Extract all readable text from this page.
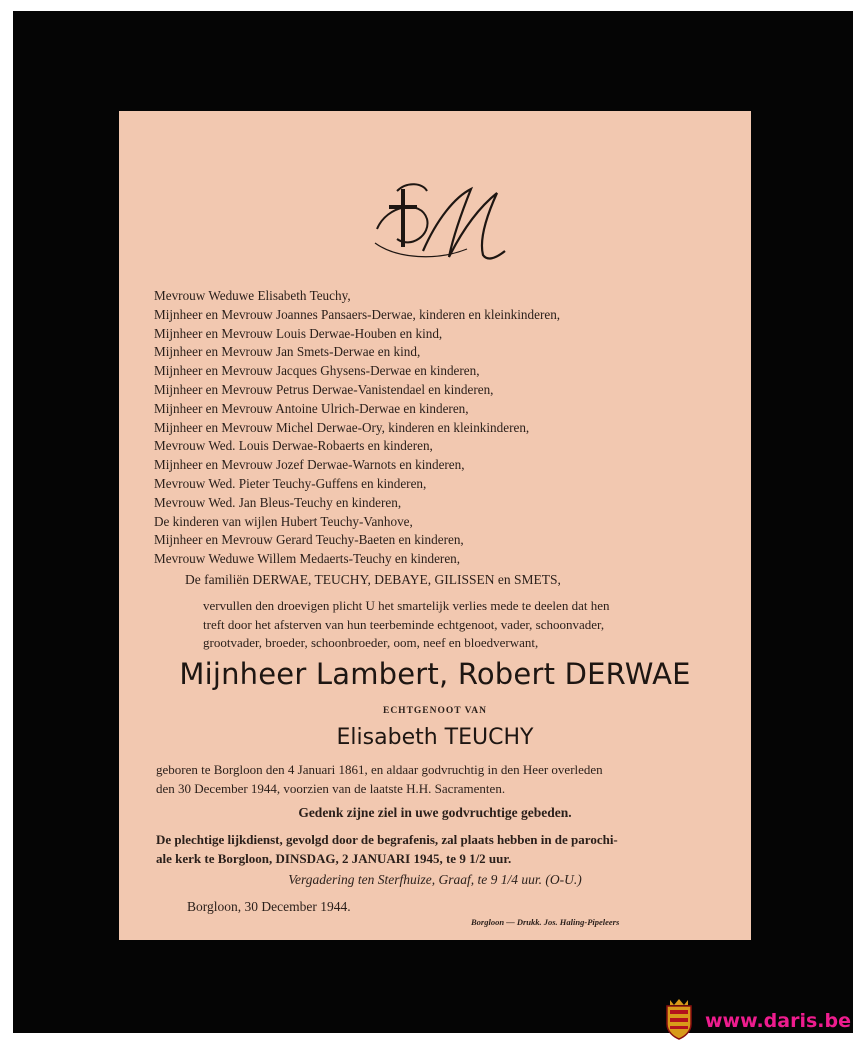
Mevrouw Weduwe Elisabeth Teuchy,
Mijnheer en Mevrouw Joannes Pansaers-Derwae, kinderen en kleinkinderen,
Mijnheer en Mevrouw Louis Derwae-Houben en kind,
Mijnheer en Mevrouw Jan Smets-Derwae en kind,
Mijnheer en Mevrouw Jacques Ghysens-Derwae en kinderen,
Mijnheer en Mevrouw Petrus Derwae-Vanistendael en kinderen,
Mijnheer en Mevrouw Antoine Ulrich-Derwae en kinderen,
Mijnheer en Mevrouw Michel Derwae-Ory, kinderen en kleinkinderen,
Mevrouw Wed. Louis Derwae-Robaerts en kinderen,
Mijnheer en Mevrouw Jozef Derwae-Warnots en kinderen,
Mevrouw Wed. Pieter Teuchy-Guffens en kinderen,
Mevrouw Wed. Jan Bleus-Teuchy en kinderen,
De kinderen van wijlen Hubert Teuchy-Vanhove,
Mijnheer en Mevrouw Gerard Teuchy-Baeten en kinderen,
Mevrouw Weduwe Willem Medaerts-Teuchy en kinderen,
De familiën DERWAE, TEUCHY, DEBAYE, GILISSEN en SMETS,
vervullen den droevigen plicht U het smartelijk verlies mede te deelen dat hen
treft door het afsterven van hun teerbeminde echtgenoot, vader, schoonvader,
grootvader, broeder, schoonbroeder, oom, neef en bloedverwant,
Mijnheer Lambert, Robert DERWAE
ECHTGENOOT VAN
Elisabeth TEUCHY
geboren te Borgloon den 4 Januari 1861, en aldaar godvruchtig in den Heer overleden
den 30 December 1944, voorzien van de laatste H.H. Sacramenten.
Gedenk zijne ziel in uwe godvruchtige gebeden.
De plechtige lijkdienst, gevolgd door de begrafenis, zal plaats hebben in de parochi-
ale kerk te Borgloon, DINSDAG, 2 JANUARI 1945, te 9 1/2 uur.
Vergadering ten Sterfhuize, Graaf, te 9 1/4 uur. (O-U.)
Borgloon, 30 December 1944.
Borgloon — Drukk. Jos. Haling-Pipeleers
www.daris.be
